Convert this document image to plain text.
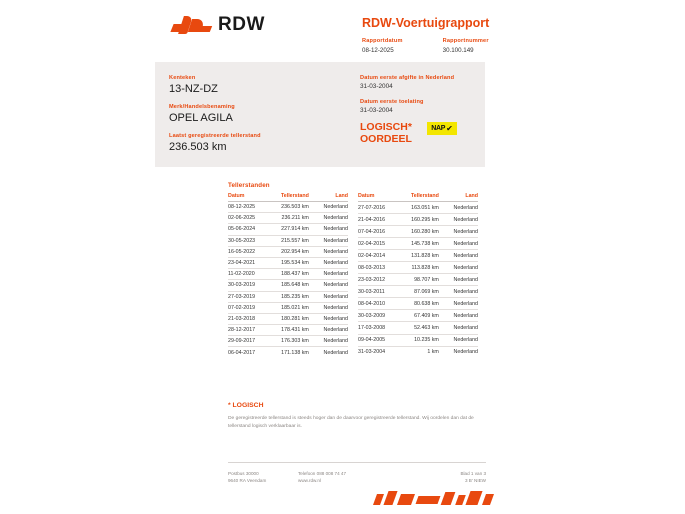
RDW	RDW-Voertuigrapport
Rapportdatum
08-12-2025
Rapportnummer
30.100.149
Kenteken
13-NZ-DZ
Merk/Handelsbenaming
OPEL AGILA
Datum eerste afgifte in Nederland
31-03-2004
Datum eerste toelating
31-03-2004
LOGISCH*
OORDEEL
NAP ✔
Laatst geregistreerde tellerstand
236.503 km
Tellerstanden
Datum	Tellerstand	Land
08-12-2025	236.503 km	Nederland
02-06-2025	236.211 km	Nederland
05-06-2024	227.914 km	Nederland
30-05-2023	215.557 km	Nederland
16-05-2022	202.954 km	Nederland
23-04-2021	195.534 km	Nederland
11-02-2020	188.437 km	Nederland
30-03-2019	185.648 km	Nederland
27-03-2019	185.235 km	Nederland
07-02-2019	185.021 km	Nederland
21-03-2018	180.281 km	Nederland
28-12-2017	178.431 km	Nederland
29-09-2017	176.303 km	Nederland
06-04-2017	171.138 km	Nederland
Datum	Tellerstand	Land
27-07-2016	163.051 km	Nederland
21-04-2016	160.295 km	Nederland
07-04-2016	160.280 km	Nederland
02-04-2015	145.738 km	Nederland
02-04-2014	131.828 km	Nederland
08-03-2013	113.828 km	Nederland
23-03-2012	98.707 km	Nederland
30-03-2011	87.069 km	Nederland
08-04-2010	80.638 km	Nederland
30-03-2009	67.409 km	Nederland
17-03-2008	52.463 km	Nederland
09-04-2005	10.235 km	Nederland
31-03-2004	1 km	Nederland
* LOGISCH
De geregistreerde tellerstand is steeds hoger dan de daarvoor geregistreerde tellerstand. Wij oordelen dan dat de tellerstand logisch verklaarbaar is.
Postbus 30000
9640 RA Veendam
Telefoon 088 008 74 47
www.rdw.nl
Blad 1 van 3
3 B' NIEW
